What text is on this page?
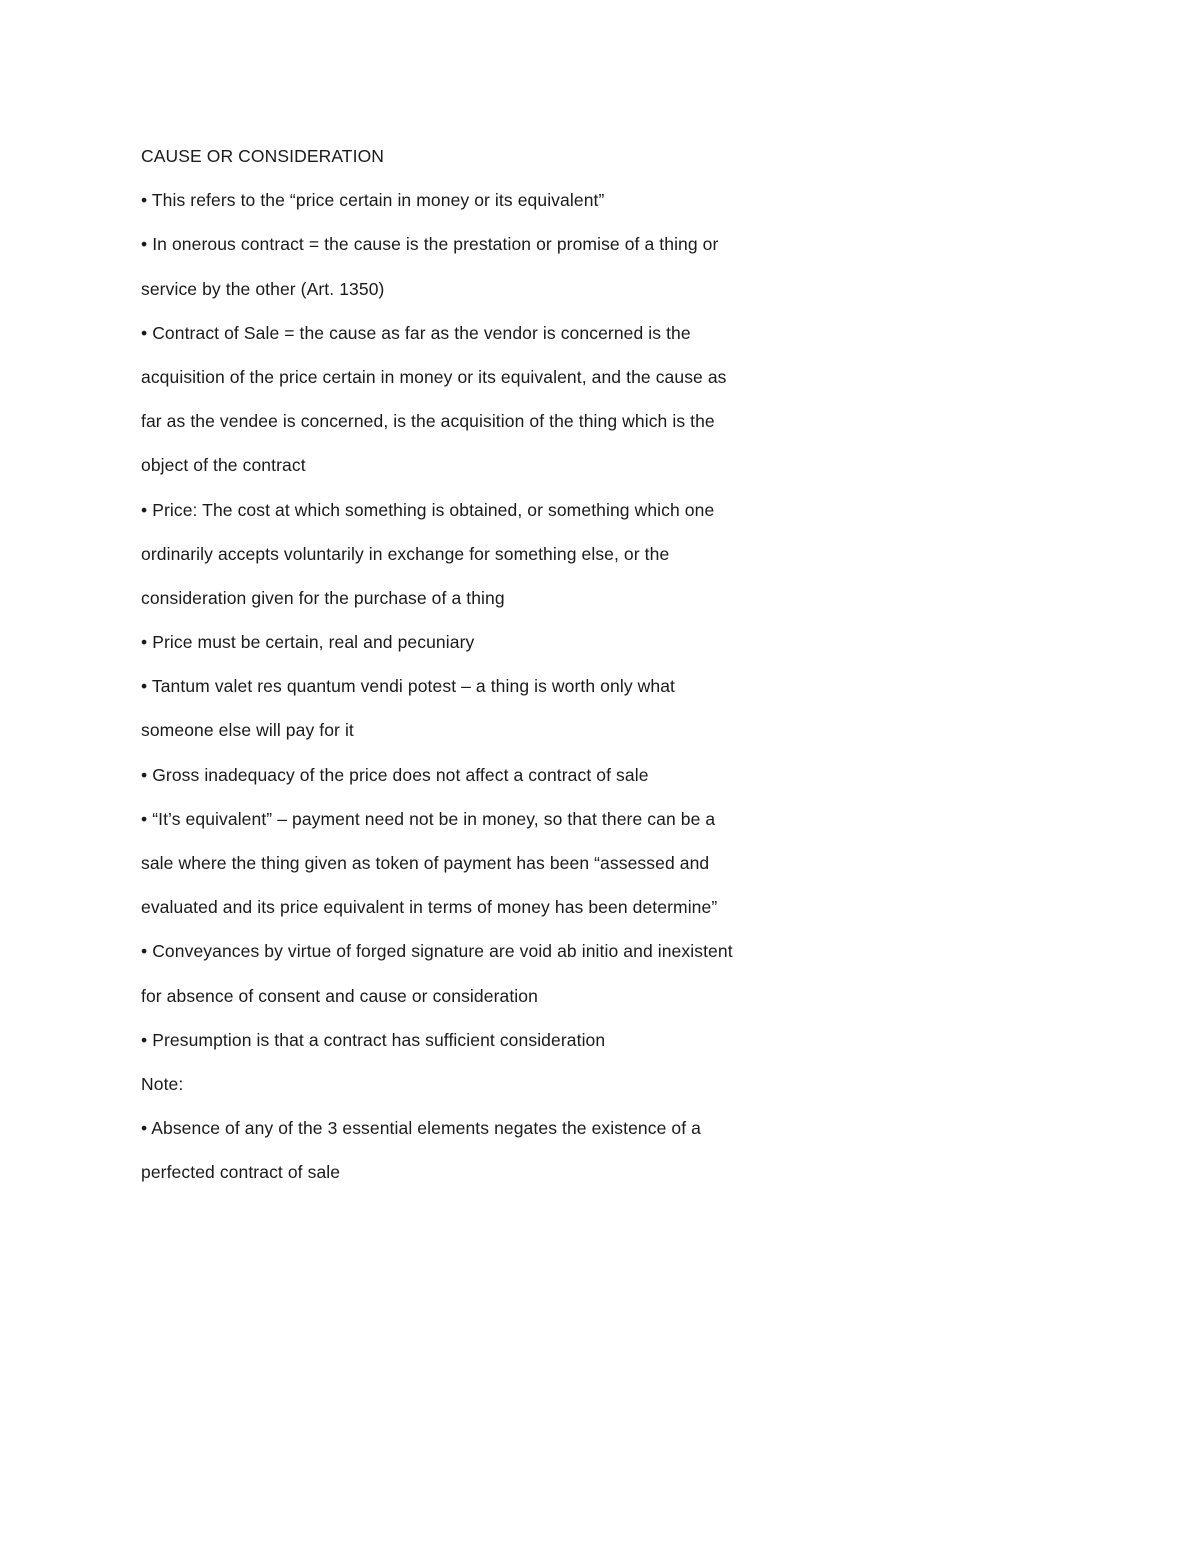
CAUSE OR CONSIDERATION
• This refers to the “price certain in money or its equivalent”
• In onerous contract = the cause is the prestation or promise of a thing or
service by the other (Art. 1350)
• Contract of Sale = the cause as far as the vendor is concerned is the
acquisition of the price certain in money or its equivalent, and the cause as
far as the vendee is concerned, is the acquisition of the thing which is the
object of the contract
• Price: The cost at which something is obtained, or something which one
ordinarily accepts voluntarily in exchange for something else, or the
consideration given for the purchase of a thing
• Price must be certain, real and pecuniary
• Tantum valet res quantum vendi potest – a thing is worth only what
someone else will pay for it
• Gross inadequacy of the price does not affect a contract of sale
• “It’s equivalent” – payment need not be in money, so that there can be a
sale where the thing given as token of payment has been “assessed and
evaluated and its price equivalent in terms of money has been determine”
• Conveyances by virtue of forged signature are void ab initio and inexistent
for absence of consent and cause or consideration
• Presumption is that a contract has sufficient consideration
Note:
• Absence of any of the 3 essential elements negates the existence of a
perfected contract of sale
